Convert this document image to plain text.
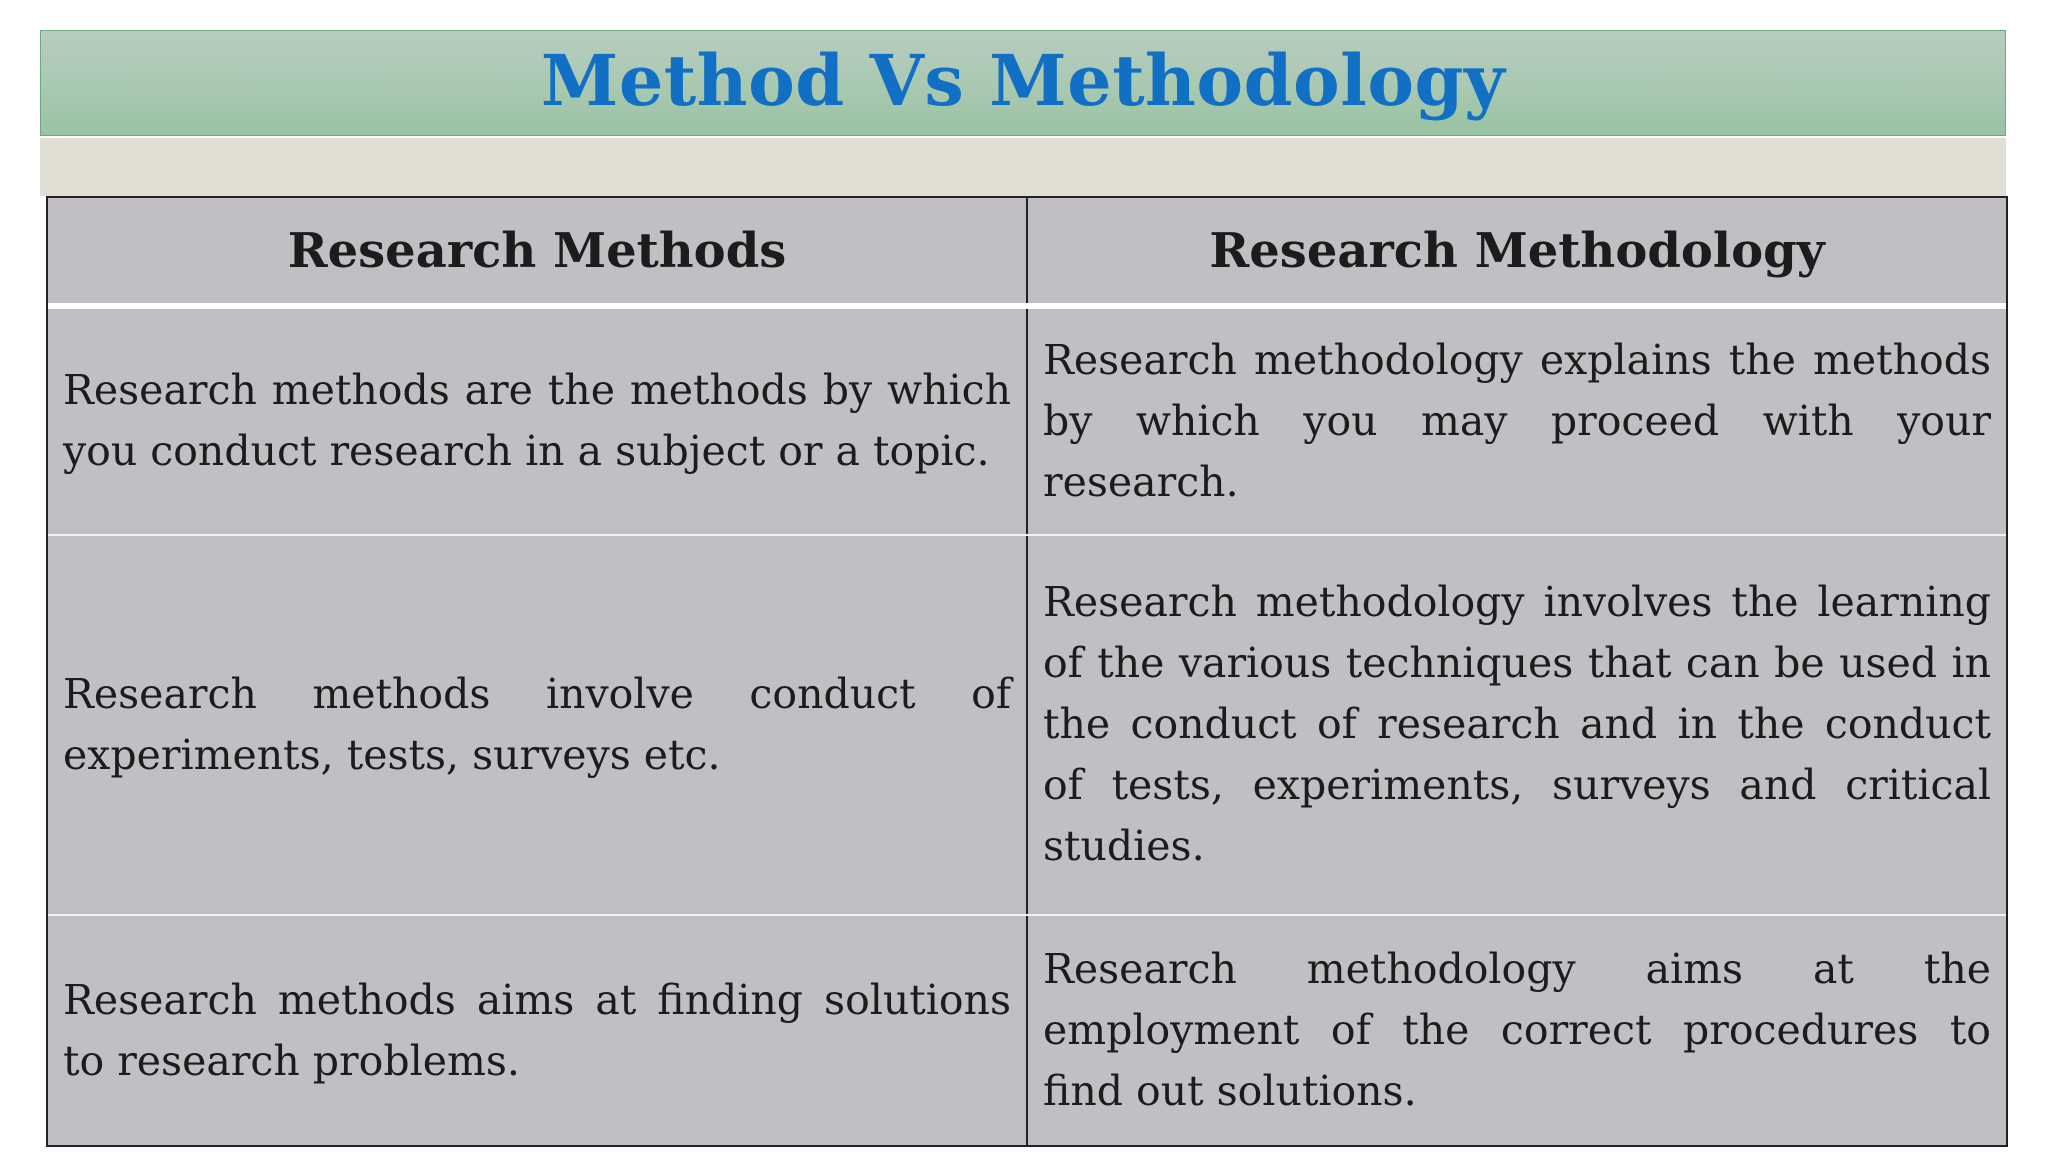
Method Vs Methodology
Research Methods	Research Methodology

Research methods are the methods by which you conduct research in a subject or a topic.	Research methodology explains the methods by which you may proceed with your research.

Research methods involve conduct of experiments, tests, surveys etc.	Research methodology involves the learning of the various techniques that can be used in the conduct of research and in the conduct of tests, experiments, surveys and critical studies.

Research methods aims at finding solutions to research problems.	Research methodology aims at the employment of the correct procedures to find out solutions.
